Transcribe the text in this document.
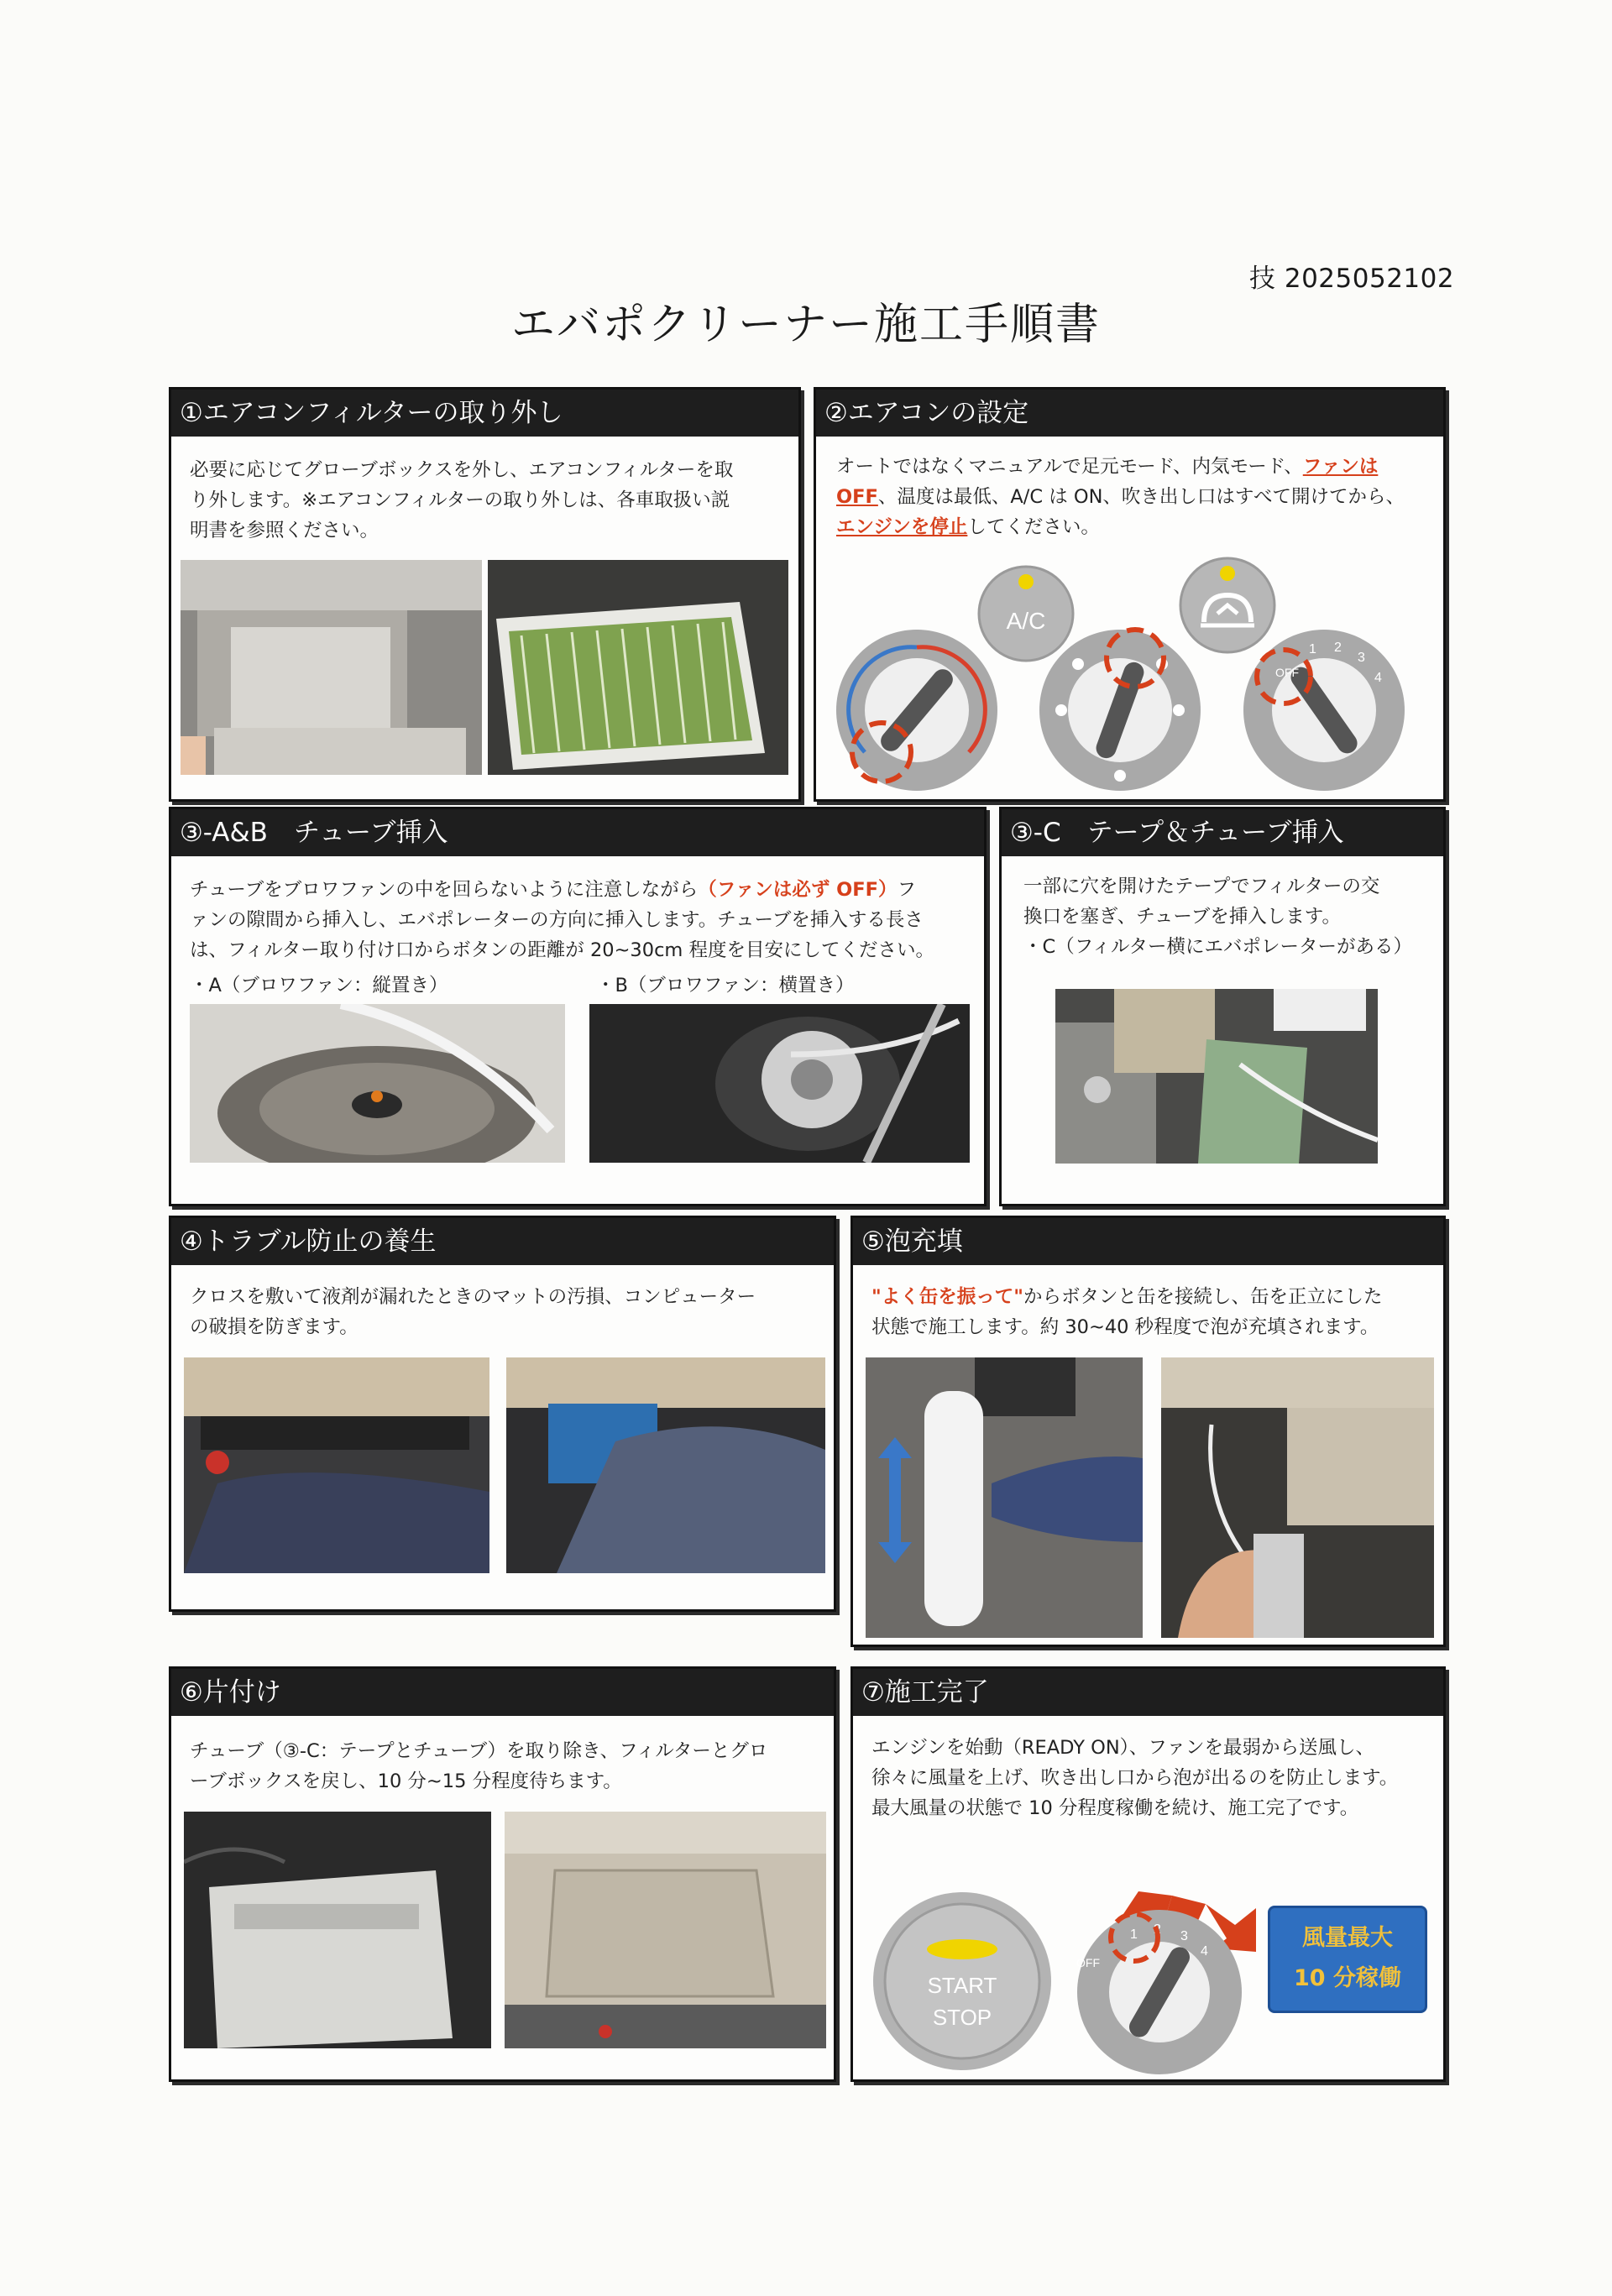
技 2025052102
エバポクリーナー施工手順書
①エアコンフィルターの取り外し
必要に応じてグローブボックスを外し、エアコンフィルターを取
り外します。※エアコンフィルターの取り外しは、各車取扱い説
明書を参照ください。
②エアコンの設定
オートではなくマニュアルで足元モード、内気モード、ファンは
OFF、温度は最低、A/C は ON、吹き出し口はすべて開けてから、
エンジンを停止してください。
A/C
OFF
1 2
3
4
③-A&B　チューブ挿入
チューブをブロワファンの中を回らないように注意しながら（ファンは必ず OFF）フ
ァンの隙間から挿入し、エバポレーターの方向に挿入します。チューブを挿入する長さ
は、フィルター取り付け口からボタンの距離が 20~30cm 程度を目安にしてください。
・A（ブロワファン：縦置き）	・B（ブロワファン：横置き）
③-C　テープ＆チューブ挿入
一部に穴を開けたテープでフィルターの交
換口を塞ぎ、チューブを挿入します。
・C（フィルター横にエバポレーターがある）
④トラブル防止の養生
クロスを敷いて液剤が漏れたときのマットの汚損、コンピューター
の破損を防ぎます。
⑤泡充填
"よく缶を振って"からボタンと缶を接続し、缶を正立にした
状態で施工します。約 30~40 秒程度で泡が充填されます。
⑥片付け
チューブ（③-C：テープとチューブ）を取り除き、フィルターとグロ
ーブボックスを戻し、10 分~15 分程度待ちます。
⑦施工完了
エンジンを始動（READY ON）、ファンを最弱から送風し、
徐々に風量を上げ、吹き出し口から泡が出るのを防止します。
最大風量の状態で 10 分程度稼働を続け、施工完了です。
START
STOP
OFF
1 2 3
4
風量最大
10 分稼働
